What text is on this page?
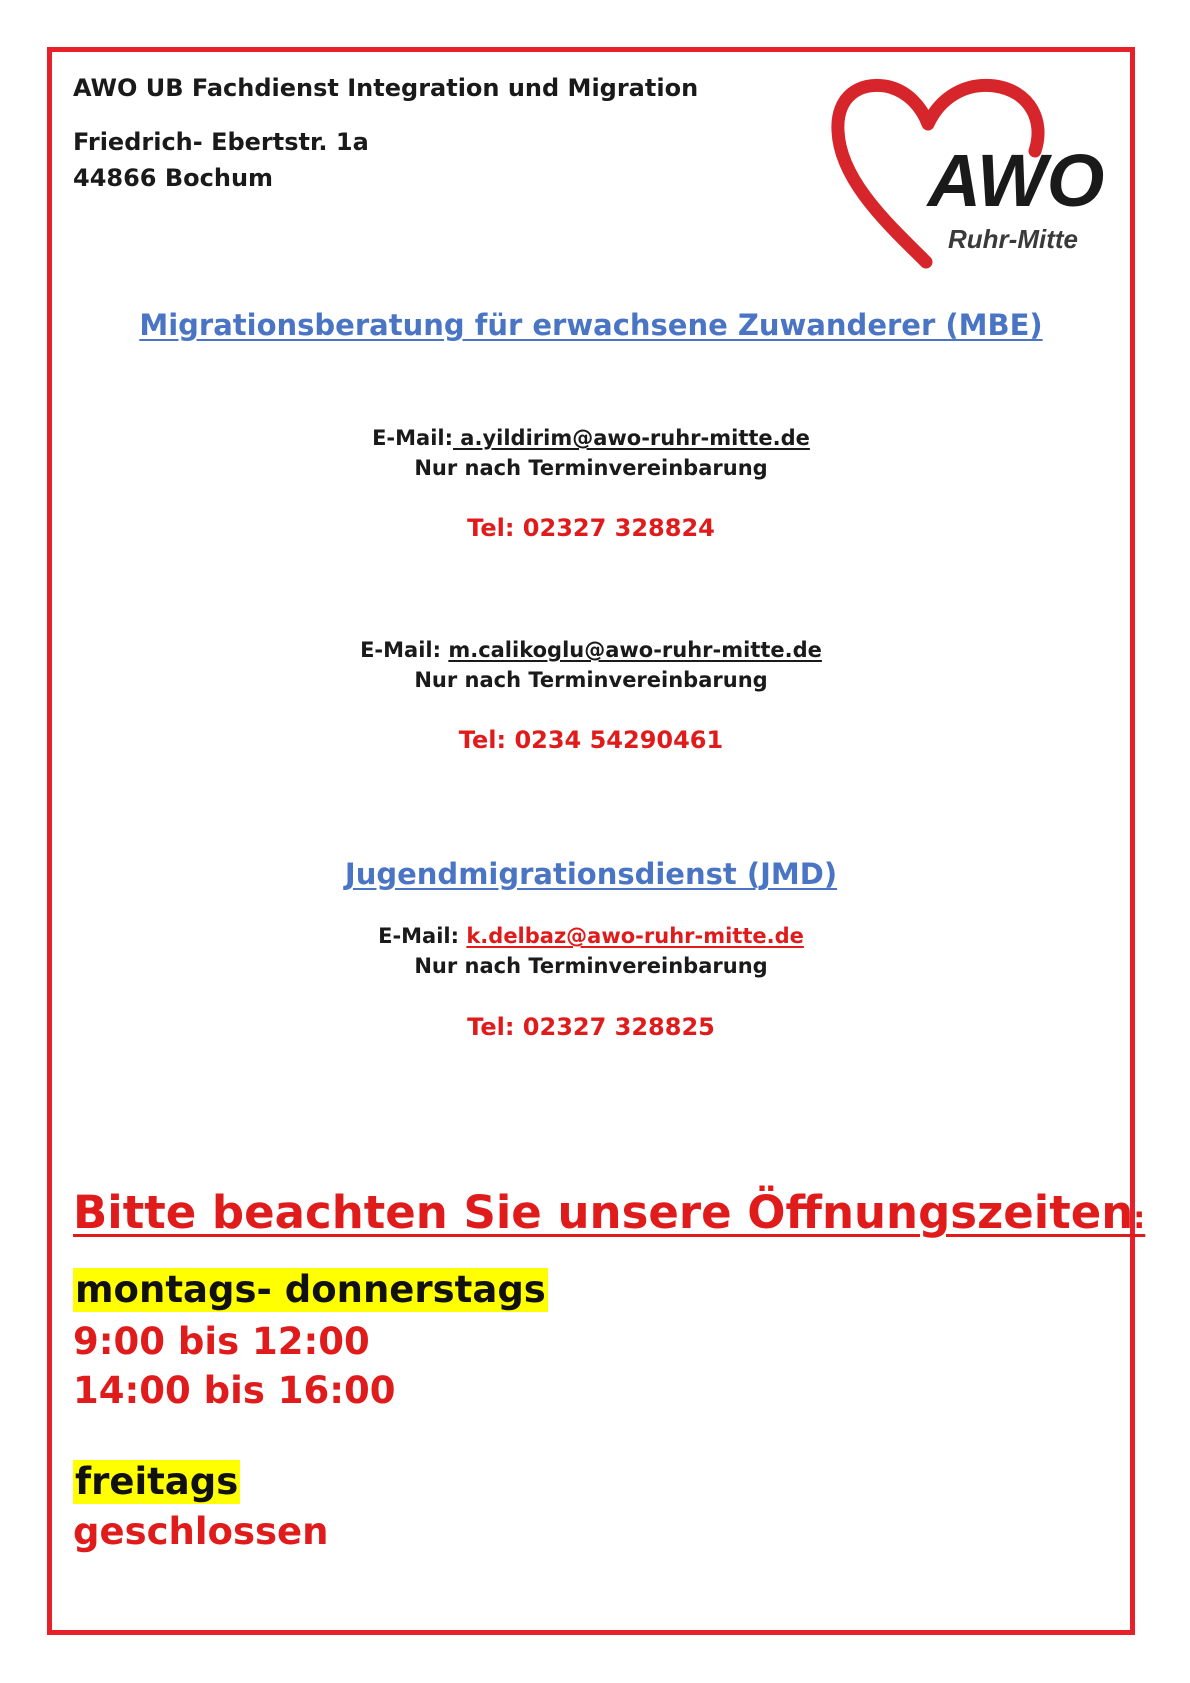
AWO UB Fachdienst Integration und Migration
Friedrich- Ebertstr. 1a
44866 Bochum	AWO
Ruhr-Mitte
Migrationsberatung für erwachsene Zuwanderer (MBE)
E-Mail: a.yildirim@awo-ruhr-mitte.de
Nur nach Terminvereinbarung
Tel: 02327 328824
E-Mail: m.calikoglu@awo-ruhr-mitte.de
Nur nach Terminvereinbarung
Tel: 0234 54290461
Jugendmigrationsdienst (JMD)
E-Mail: k.delbaz@awo-ruhr-mitte.de
Nur nach Terminvereinbarung
Tel: 02327 328825
Bitte beachten Sie unsere Öffnungszeiten:
montags- donnerstags
9:00 bis 12:00
14:00 bis 16:00
freitags
geschlossen
